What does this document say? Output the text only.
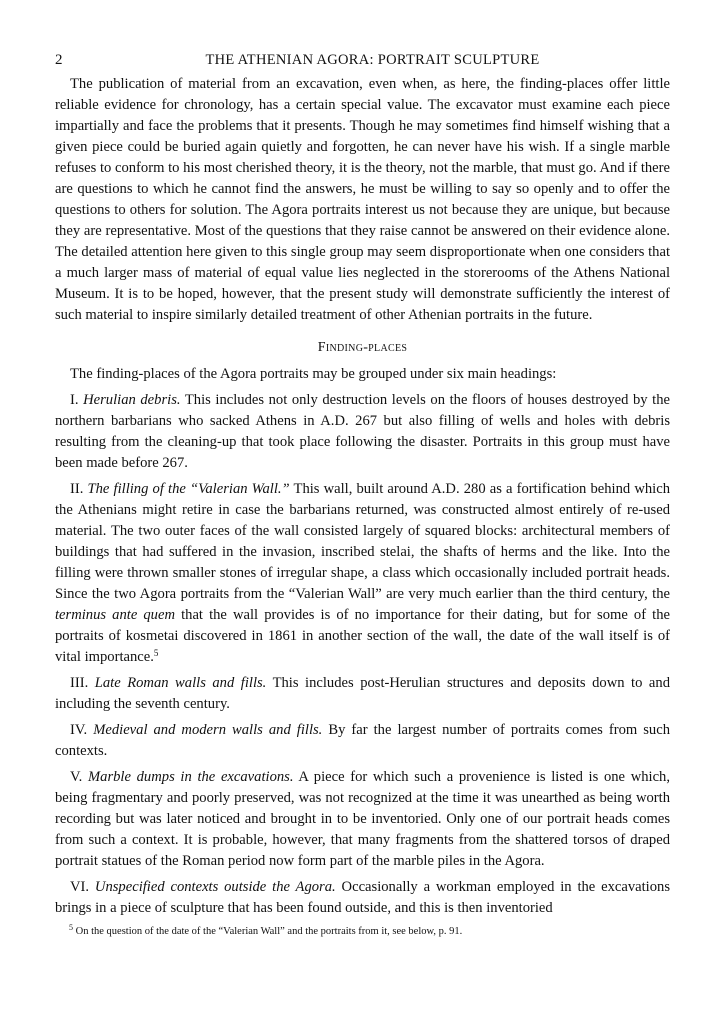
2	THE ATHENIAN AGORA: PORTRAIT SCULPTURE

The publication of material from an excavation, even when, as here, the finding-places offer little reliable evidence for chronology, has a certain special value. The excavator must examine each piece impartially and face the problems that it presents. Though he may sometimes find himself wishing that a given piece could be buried again quietly and forgotten, he can never have his wish. If a single marble refuses to conform to his most cherished theory, it is the theory, not the marble, that must go. And if there are questions to which he cannot find the answers, he must be willing to say so openly and to offer the questions to others for solution. The Agora portraits interest us not because they are unique, but because they are representative. Most of the questions that they raise cannot be answered on their evidence alone. The detailed attention here given to this single group may seem disproportionate when one considers that a much larger mass of material of equal value lies neglected in the storerooms of the Athens National Museum. It is to be hoped, however, that the present study will demonstrate sufficiently the interest of such material to inspire similarly detailed treatment of other Athenian portraits in the future.

Finding-places

The finding-places of the Agora portraits may be grouped under six main headings:

I. Herulian debris. This includes not only destruction levels on the floors of houses destroyed by the northern barbarians who sacked Athens in A.D. 267 but also filling of wells and holes with debris resulting from the cleaning-up that took place following the disaster. Portraits in this group must have been made before 267.

II. The filling of the “Valerian Wall.” This wall, built around A.D. 280 as a fortification behind which the Athenians might retire in case the barbarians returned, was constructed almost entirely of re-used material. The two outer faces of the wall consisted largely of squared blocks: architectural members of buildings that had suffered in the invasion, inscribed stelai, the shafts of herms and the like. Into the filling were thrown smaller stones of irregular shape, a class which occasionally included portrait heads. Since the two Agora portraits from the “Valerian Wall” are very much earlier than the third century, the terminus ante quem that the wall provides is of no importance for their dating, but for some of the portraits of kosmetai discovered in 1861 in another section of the wall, the date of the wall itself is of vital importance.$^5$

III. Late Roman walls and fills. This includes post-Herulian structures and deposits down to and including the seventh century.

IV. Medieval and modern walls and fills. By far the largest number of portraits comes from such contexts.

V. Marble dumps in the excavations. A piece for which such a provenience is listed is one which, being fragmentary and poorly preserved, was not recognized at the time it was unearthed as being worth recording but was later noticed and brought in to be inventoried. Only one of our portrait heads comes from such a context. It is probable, however, that many fragments from the shattered torsos of draped portrait statues of the Roman period now form part of the marble piles in the Agora.

VI. Unspecified contexts outside the Agora. Occasionally a workman employed in the excavations brings in a piece of sculpture that has been found outside, and this is then inventoried

$^5$ On the question of the date of the “Valerian Wall” and the portraits from it, see below, p. 91.
